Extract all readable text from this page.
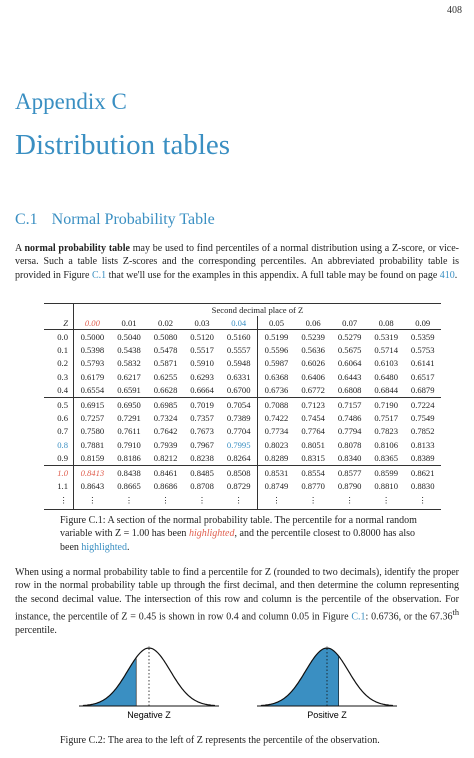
408
Appendix C
Distribution tables
C.1 Normal Probability Table
A normal probability table may be used to find percentiles of a normal distribution using a Z-score, or vice-versa. Such a table lists Z-scores and the corresponding percentiles. An abbreviated probability table is provided in Figure C.1 that we'll use for the examples in this appendix. A full table may be found on page 410.
	Second decimal place of Z									
Z	0.00	0.01	0.02	0.03	0.04	0.05	0.06	0.07	0.08	0.09
0.0	0.5000	0.5040	0.5080	0.5120	0.5160	0.5199	0.5239	0.5279	0.5319	0.5359
0.1	0.5398	0.5438	0.5478	0.5517	0.5557	0.5596	0.5636	0.5675	0.5714	0.5753
0.2	0.5793	0.5832	0.5871	0.5910	0.5948	0.5987	0.6026	0.6064	0.6103	0.6141
0.3	0.6179	0.6217	0.6255	0.6293	0.6331	0.6368	0.6406	0.6443	0.6480	0.6517
0.4	0.6554	0.6591	0.6628	0.6664	0.6700	0.6736	0.6772	0.6808	0.6844	0.6879
0.5	0.6915	0.6950	0.6985	0.7019	0.7054	0.7088	0.7123	0.7157	0.7190	0.7224
0.6	0.7257	0.7291	0.7324	0.7357	0.7389	0.7422	0.7454	0.7486	0.7517	0.7549
0.7	0.7580	0.7611	0.7642	0.7673	0.7704	0.7734	0.7764	0.7794	0.7823	0.7852
0.8	0.7881	0.7910	0.7939	0.7967	0.7995	0.8023	0.8051	0.8078	0.8106	0.8133
0.9	0.8159	0.8186	0.8212	0.8238	0.8264	0.8289	0.8315	0.8340	0.8365	0.8389
1.0	0.8413	0.8438	0.8461	0.8485	0.8508	0.8531	0.8554	0.8577	0.8599	0.8621
1.1	0.8643	0.8665	0.8686	0.8708	0.8729	0.8749	0.8770	0.8790	0.8810	0.8830
⋮	⋮	⋮	⋮	⋮	⋮	⋮	⋮	⋮	⋮	⋮
Figure C.1: A section of the normal probability table. The percentile for a normal random variable with Z = 1.00 has been highlighted, and the percentile closest to 0.8000 has also been highlighted.
When using a normal probability table to find a percentile for Z (rounded to two decimals), identify the proper row in the normal probability table up through the first decimal, and then determine the column representing the second decimal value. The intersection of this row and column is the percentile of the observation. For instance, the percentile of Z = 0.45 is shown in row 0.4 and column 0.05 in Figure C.1: 0.6736, or the 67.36th percentile.
Negative Z	Positive Z
Figure C.2: The area to the left of Z represents the percentile of the observation.
